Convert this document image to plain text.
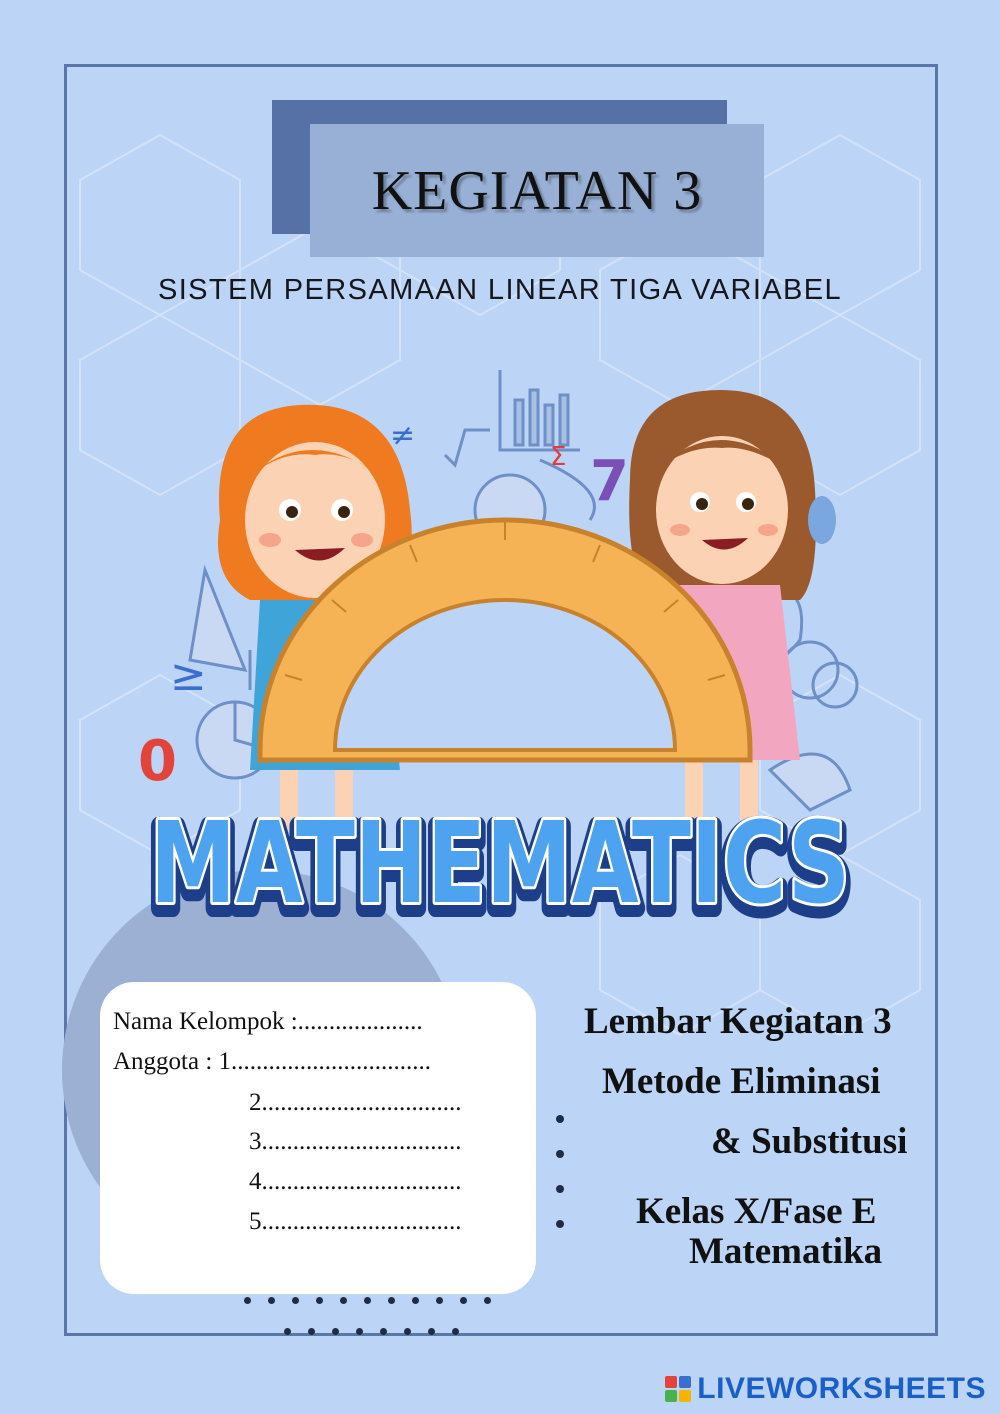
KEGIATAN 3
SISTEM PERSAMAAN LINEAR TIGA VARIABEL
Σ 7
≥
0
≠
MATHEMATICS
MATHEMATICS
Nama Kelompok :....................
Anggota : 1................................
2................................
3................................
4................................
5................................
Lembar Kegiatan 3
Metode Eliminasi
& Substitusi
Kelas X/Fase E
Matematika
LIVEWORKSHEETS
